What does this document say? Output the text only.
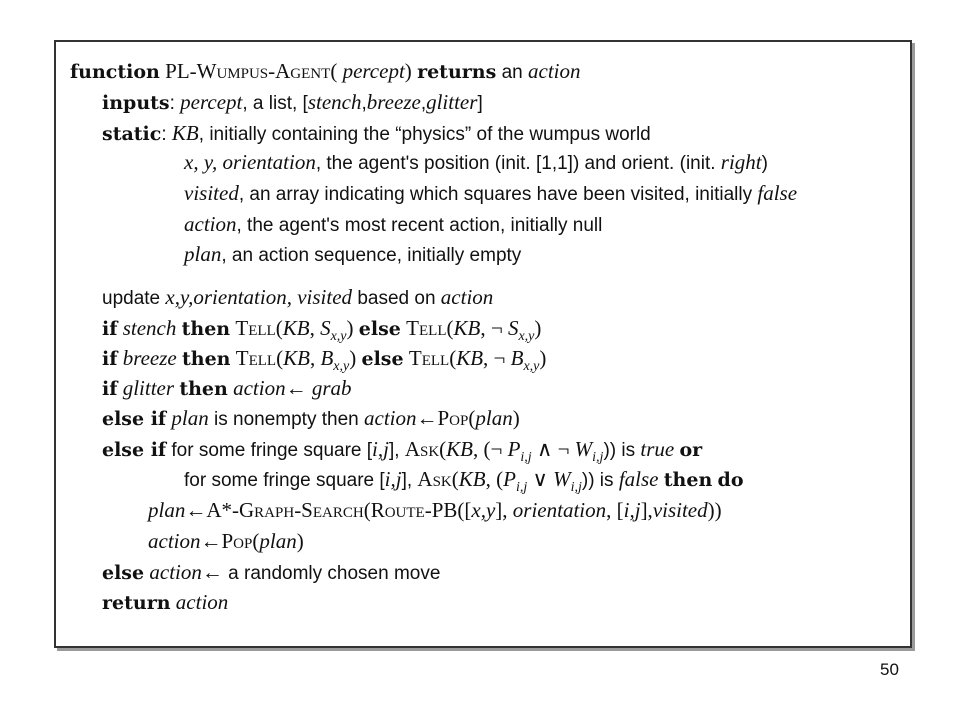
function PL-Wumpus-Agent( percept) returns an action
inputs: percept, a list, [stench,breeze,glitter]
static: KB, initially containing the “physics” of the wumpus world
x, y, orientation, the agent's position (init. [1,1]) and orient. (init. right)
visited, an array indicating which squares have been visited, initially false
action, the agent's most recent action, initially null
plan, an action sequence, initially empty
update x,y,orientation, visited based on action
if stench then Tell(KB, $S_{x,y}$) else Tell(KB, ¬ $S_{x,y}$)
if breeze then Tell(KB, $B_{x,y}$) else Tell(KB, ¬ $B_{x,y}$)
if glitter then action← grab
else if plan is nonempty then action←Pop(plan)
else if for some fringe square [i,j], Ask(KB, (¬ $P_{i,j}$ ∧ ¬ $W_{i,j}$)) is true or
for some fringe square [i,j], Ask(KB, ($P_{i,j}$ ∨ $W_{i,j}$)) is false then do
plan←A*-Graph-Search(Route-PB([x,y], orientation, [i,j],visited))
action←Pop(plan)
else action← a randomly chosen move
return action
50
